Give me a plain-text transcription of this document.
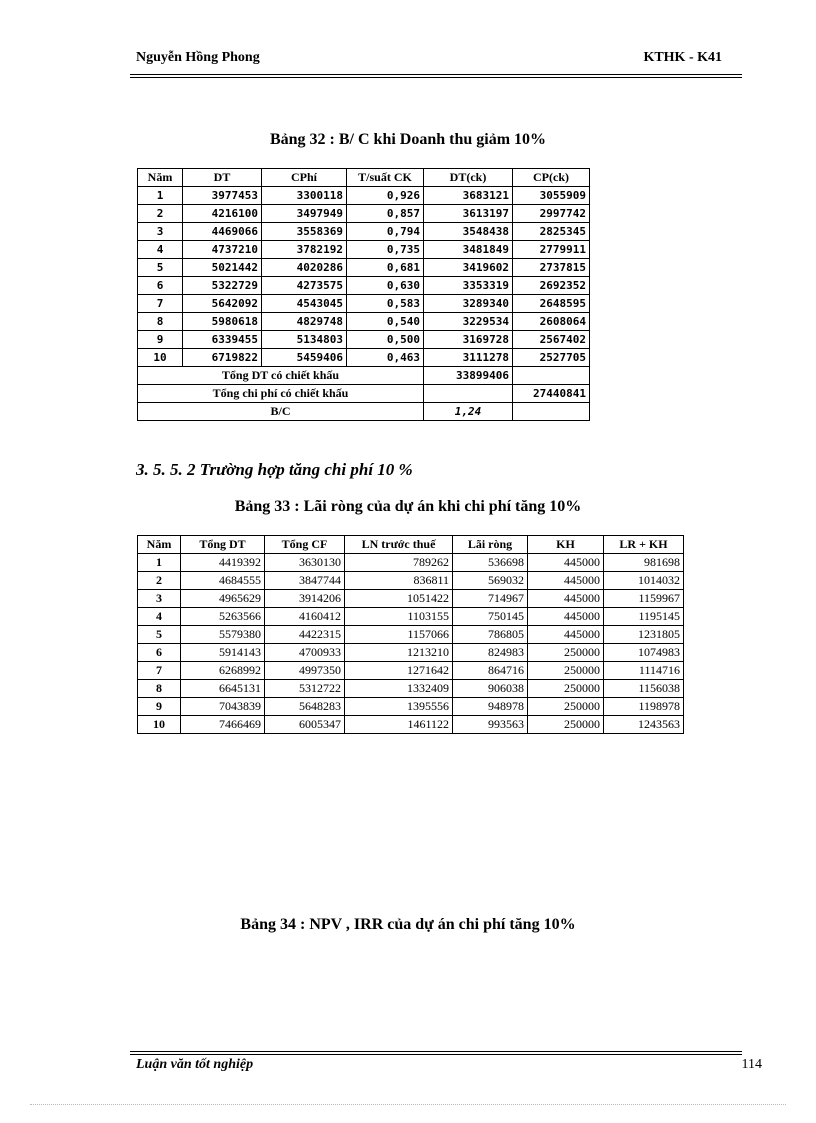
Nguyễn Hồng Phong	KTHK - K41
Bảng 32 : B/ C khi Doanh thu giảm 10%
Năm	DT	CPhí	T/suất CK	DT(ck)	CP(ck)
1	3977453	3300118	0,926	3683121	3055909
2	4216100	3497949	0,857	3613197	2997742
3	4469066	3558369	0,794	3548438	2825345
4	4737210	3782192	0,735	3481849	2779911
5	5021442	4020286	0,681	3419602	2737815
6	5322729	4273575	0,630	3353319	2692352
7	5642092	4543045	0,583	3289340	2648595
8	5980618	4829748	0,540	3229534	2608064
9	6339455	5134803	0,500	3169728	2567402
10	6719822	5459406	0,463	3111278	2527705
Tổng DT có chiết khấu				33899406	
Tổng chi phí có chiết khấu					27440841
B/C				1,24	
3. 5. 5. 2 Trường hợp tăng chi phí 10 %
Bảng 33 : Lãi ròng của dự án khi chi phí tăng 10%
Năm	Tổng DT	Tổng CF	LN trước thuế	Lãi ròng	KH	LR + KH
1	4419392	3630130	789262	536698	445000	981698
2	4684555	3847744	836811	569032	445000	1014032
3	4965629	3914206	1051422	714967	445000	1159967
4	5263566	4160412	1103155	750145	445000	1195145
5	5579380	4422315	1157066	786805	445000	1231805
6	5914143	4700933	1213210	824983	250000	1074983
7	6268992	4997350	1271642	864716	250000	1114716
8	6645131	5312722	1332409	906038	250000	1156038
9	7043839	5648283	1395556	948978	250000	1198978
10	7466469	6005347	1461122	993563	250000	1243563
Bảng 34 : NPV , IRR của dự án chi phí tăng 10%
Luận văn tốt nghiệp	114
